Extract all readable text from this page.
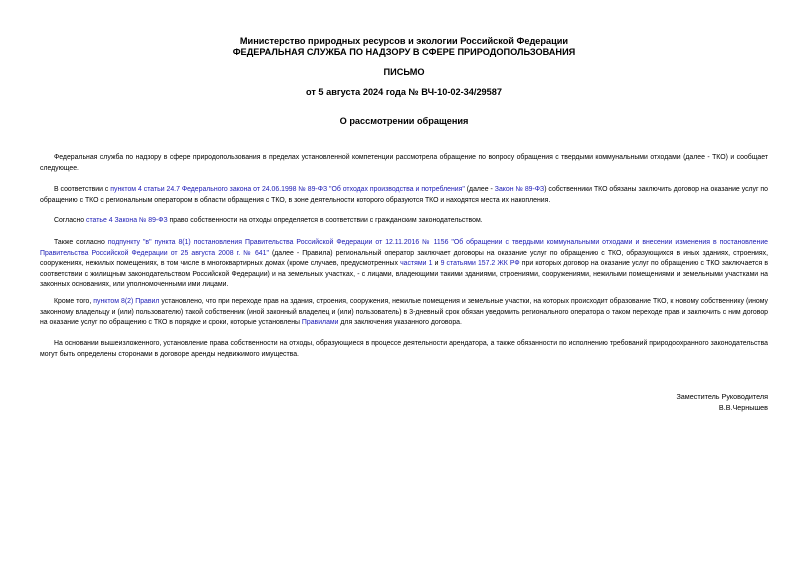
Министерство природных ресурсов и экологии Российской Федерации
ФЕДЕРАЛЬНАЯ СЛУЖБА ПО НАДЗОРУ В СФЕРЕ ПРИРОДОПОЛЬЗОВАНИЯ
ПИСЬМО
от 5 августа 2024 года № ВЧ-10-02-34/29587
О рассмотрении обращения

Федеральная служба по надзору в сфере природопользования в пределах установленной компетенции рассмотрела обращение по вопросу обращения с твердыми коммунальными отходами (далее - ТКО) и сообщает следующее.

В соответствии с пунктом 4 статьи 24.7 Федерального закона от 24.06.1998 № 89-ФЗ "Об отходах производства и потребления" (далее - Закон № 89-ФЗ) собственники ТКО обязаны заключить договор на оказание услуг по обращению с ТКО с региональным оператором в области обращения с ТКО, в зоне деятельности которого образуются ТКО и находятся места их накопления.

Согласно статье 4 Закона № 89-ФЗ право собственности на отходы определяется в соответствии с гражданским законодательством.

Также согласно подпункту "в" пункта 8(1) постановления Правительства Российской Федерации от 12.11.2016 № 1156 "Об обращении с твердыми коммунальными отходами и внесении изменения в постановление Правительства Российской Федерации от 25 августа 2008 г. № 641" (далее - Правила) региональный оператор заключает договоры на оказание услуг по обращению с ТКО, образующихся в иных зданиях, строениях, сооружениях, нежилых помещениях, в том числе в многоквартирных домах (кроме случаев, предусмотренных частями 1 и 9 статьями 157.2 ЖК РФ при которых договор на оказание услуг по обращению с ТКО заключается в соответствии с жилищным законодательством Российской Федерации) и на земельных участках, - с лицами, владеющими такими зданиями, строениями, сооружениями, нежилыми помещениями и земельными участками на законных основаниях, или уполномоченными ими лицами.

Кроме того, пунктом 8(2) Правил установлено, что при переходе прав на здания, строения, сооружения, нежилые помещения и земельные участки, на которых происходит образование ТКО, к новому собственнику (иному законному владельцу и (или) пользователю) такой собственник (иной законный владелец и (или) пользователь) в 3-дневный срок обязан уведомить регионального оператора о таком переходе прав и заключить с ним договор на оказание услуг по обращению с ТКО в порядке и сроки, которые установлены Правилами для заключения указанного договора.

На основании вышеизложенного, установление права собственности на отходы, образующиеся в процессе деятельности арендатора, а также обязанности по исполнению требований природоохранного законодательства могут быть определены сторонами в договоре аренды недвижимого имущества.

Заместитель Руководителя
В.В.Чернышев
